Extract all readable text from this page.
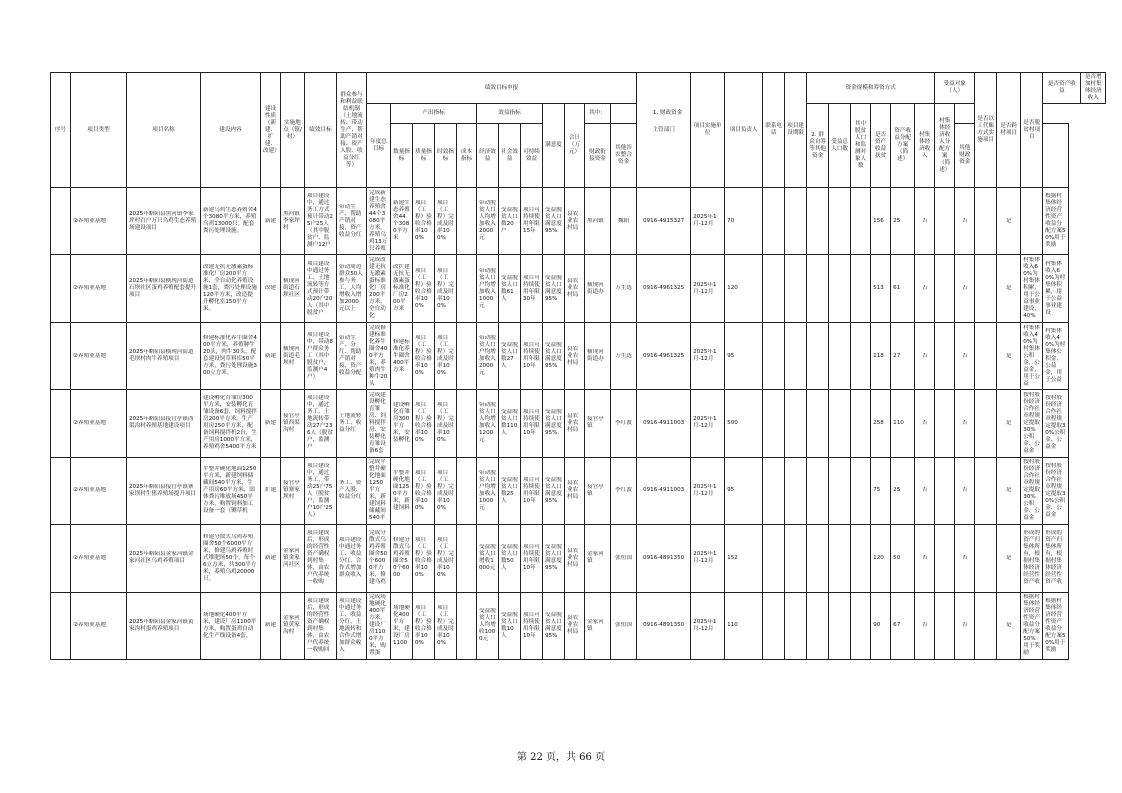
序号	项目类型	项目名称	建设内容	建设性质（新建、扩建、改建）	实施地点（镇/村）	绩效目标	群众参与和利益联结机制（土地流转、带动生产、帮助产销对接、资产入股、收益分红等）	绩效目标申报												主管部门	项目实施单位	项目负责人	联系电话	项目建设期限	资金规模和筹资方式						受益对象（人）		是否以工代赈方式实施项目	是否跨村项目	是否脱贫村项目	是否资产收益	是否增加村集体经济收入
								年度总目标	产出指标				效益指标			满意度	合计（万元）	其中：	1. 财政资金						2. 群众自筹等其他资金	受益总人口数	其中脱贫人口和监测对象人数	是否资产收益扶贫	资产收益分配方案（简述）	村集体经济收入	村集体经济收入分配方案（简述）						
									数量指标	质量指标	时效指标	成本指标	经济效益	社会效益	可持续效益			财政衔接资金	其他涉农整合资金													其他财政资金					

	②养殖业基地	2025年略阳县黑河镇李家坪村百户万只乌鸡生态养殖场建设项目	新建乌鸡生态养殖舍4个3080平方米，养殖乌鸡13000只。配套粪污处理设施。	新建	黑河镇李家坪村	项目建设中，通过务工方式预计带动25户25人（其中脱贫户、监测户12户	带动生产、帮助产销对接、资产收益分红	完成新建生态养殖舍44个3080平方米，养殖乌鸡13万只养殖	新建生态养殖舍44个3080平方米	项目（工程）验收合格率100%	项目（工程）完成及时率100%		带动脱贫人口人均增加收入2000元	受益脱贫人口数20户	项目可持续使用年限15年	受益脱贫人口满意度95%	县农业农村局	黑河镇	魏阳	0916-4915327	2025年1月-12月	70						156	25	否		否		是		根据村集体经济经营性资产收益分配方案50%用于奖励	

	②养殖业基地	2025年略阳县横现河街道石坝社区蛋鸡养殖配套提升项目	改建无抗无激素蛋标准化厂房200平方米，全自动化养殖设施1套，粪污处理设施120平方米，改造提升孵化室150平方米。	改建	横现河街道石坝社区	项目建设中通过务工、土地流转等方式预计带动20户20人（其中脱贫户	带动周边群众50人参与务工，人均增收入增加2000元以上	完成改建无抗无激素蛋标准化厂房200平方米，全自动化	改扩建无抗无激素蛋标准化厂房200平方米	项目（工程）验收合格率100%	项目（工程）完成及时率100%		带动脱贫人口户均增加收入1000元	受益脱贫人口数61人	项目可持续使用年限30年	受益脱贫人口满意度95%	县农业农村局	横现河街道办	万生选	0916-4961325	2025年1月-12月	120						513	61	否		否		是	村集体收入60%为村集体积累，用于公益事业建设，40%	村集体收入60%为村集体积累，用于公益事业建设	

	②养殖业基地	2025年略阳县横现河街道毛坝村肉牛养殖项目	修建标准化养牛圈舍400平方米，养殖种牛20头，肉牛30头。配套建设饲草料库50平方米，粪污处理设施300立方米。	新建	横现河街道毛坝村	项目建设中，带动8户群众务工（其中脱贫户，监测户4户）	带动生产、分红、帮助产销对接、资产收益分配	完成修建标准化养牛圈舍400平方米，养殖肉牛种牛20头	修建标准化养牛圈舍400平方米	项目（工程）验收合格率100%	项目（工程）完成及时率100%		带动脱贫人口户均增加收入2000元	受益脱贫人口数27人	项目可持续使用年限10年	受益脱贫人口满意度95%	县农业农村局	横现河街道办	万生选	0916-4961325	2025年1月-12月	95						118	27	否		否		是	村集体收入40%为村集体公积金，公益金，用于公益	村集体收入40%为村集体公积金，公益金，用于公益	

	②养殖业基地	2025年略阳县接官亭镇西渠沟村养殖基地建设项目	建设孵化育雏房300平方米，安装孵化育雏设备6套，饲料搅拌房200平方米，生产用房250平方米，配备饲料搅拌机2台，生产用房1000平方米，养殖鸡舍5400平方米	新建	接官亭镇西渠沟村	项目建设中，通过务工、土地流转带动27户236人（脱贫户，监测户	土地流转务工、收益分红	完成建设孵化育雏房、饲料搅拌房、安装孵化育雏设备6套	建设孵化育雏房300平方米，安装孵化	项目（工程）验收合格率100%	项目（工程）完成及时率100%		带动脱贫人口人均增加收入1200元	受益脱贫人口数110人	项目可持续使用年限10年	受益脱贫人口满意度95%	县农业农村局	接官亭镇	李红波	0916-4911003	2025年1月-12月	500						258	110	否		否		是	按村股份经济合作社章程规定提取30%公积金、公益金	按村股份经济合作社章程规定提取30%公积金、公益金	

	②养殖业基地	2025年略阳县接官亭镇寨家坝村生猪养殖场提升项目	平整并硬化地面1250平方米，新建饲料储藏间540平方米，生产用房60平方米，固体粪污堆放场450平方米，购置饲料加工设备一套（铡草机	扩建	接官亭镇寨家坝村	项目建设中，通过务工，带动25户75人（脱贫户，监测户10户25人）	务工、资产入股、收益分红	完成平整并硬化地面1250平方米，新建饲料储藏间540平	平整并硬化地面1250平方米，新建饲料	项目（工程）验收合格率100%	项目（工程）完成及时率100%		带动脱贫人口户均增加收入1000元	受益脱贫人口数25人	项目可持续使用年限10年	受益脱贫人口满意度95%	县农业农村局	接官亭镇	李红波	0916-4911003	2025年1月-12月	95						75	25	否		否		是	按村股份经济合作社章程规定提取30%公积金、公益金	按村股份经济合作社章程规定提取30%公积金、公益金	

	②养殖业基地	2025年略阳县金家河镇金家河社区乌鸡养殖项目	修建分散式乌鸡养殖圈舍50个6000平方米，修建乌鸡养殖时式堆肥场50个，每个6立方米，共300平方米，养殖乌鸡20000只。	新建	金家河镇金家河社区	项目建成后，形成的经营性资产确权到村集体，由农户代养统一收购	项目建设中通过务工、收益分红、合作式增加群众收入	完成分散式乌鸡养殖圈舍50个6000平方米，修建乌鸡	修建分散式乌鸡养殖圈舍50个6000	项目（工程）验收合格率100%	项目（工程）完成及时率100%		受益脱贫人口增收1000元	受益脱贫人口数50人	项目可持续使用年限10年	受益脱贫人口满意度95%	县农业农村局	金家河镇	张恒国	0916-4891350	2025年1月-12月	152						120	50	否		否		是	形成的资产归集体所有，根据村集体经济经营性资产收	形成的资产归集体所有，根据村集体经济经营性资产收	

	②养殖业基地	2025年略阳县金家河镇黄家沟村蛋鸡养殖项目	场地硬化400平方米，建设厂房1100平方米，购置蛋鸡自动化生产线设备4套。	新建	金家河镇黄家沟村	项目建成后，形成的经营性资产确权到村集体，由农户代养统一收购回	项目建设中通过务工、收益分红、土地流转和合作式增加群众收入	完成场地硬化400平方米，建设厂房1100平方米，购置蛋	场地硬化400平方米，建设厂房1100	项目（工程）验收合格率100%	项目（工程）完成及时率100%		受益脱贫人口人均增收1000元	受益脱贫人口数10人	项目可持续使用年限10年	受益脱贫人口满意度95%	县农业农村局	金家河镇	张恒国	0916-4891350	2025年1月-12月	110						90	67	否		否		是	根据村集体经济经营性资产收益分配方案50%用于奖励	根据村集体经济经营性资产收益分配方案50%用于奖励	
第 22 页，共 66 页
